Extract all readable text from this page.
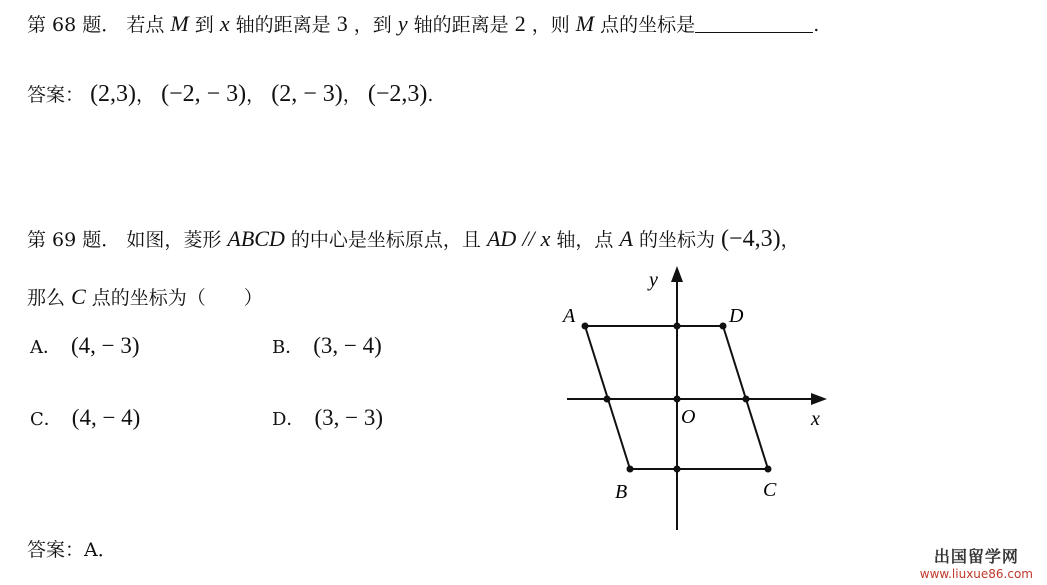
第 68 题． 若点 M 到 x 轴的距离是 3 ，到 y 轴的距离是 2 ，则 M 点的坐标是	.
答案： (2,3)， (−2, − 3)， (2, − 3)， (−2,3).
第 69 题． 如图，菱形 ABCD 的中心是坐标原点，且 AD // x 轴，点 A 的坐标为 (−4,3)，
那么 C 点的坐标为（　　）
A． (4, − 3)	B． (3, − 4)
C． (4, − 4)	D． (3, − 3)
答案：A．
A	D
B	C
O	x
y
出国留学网
www.liuxue86.com
